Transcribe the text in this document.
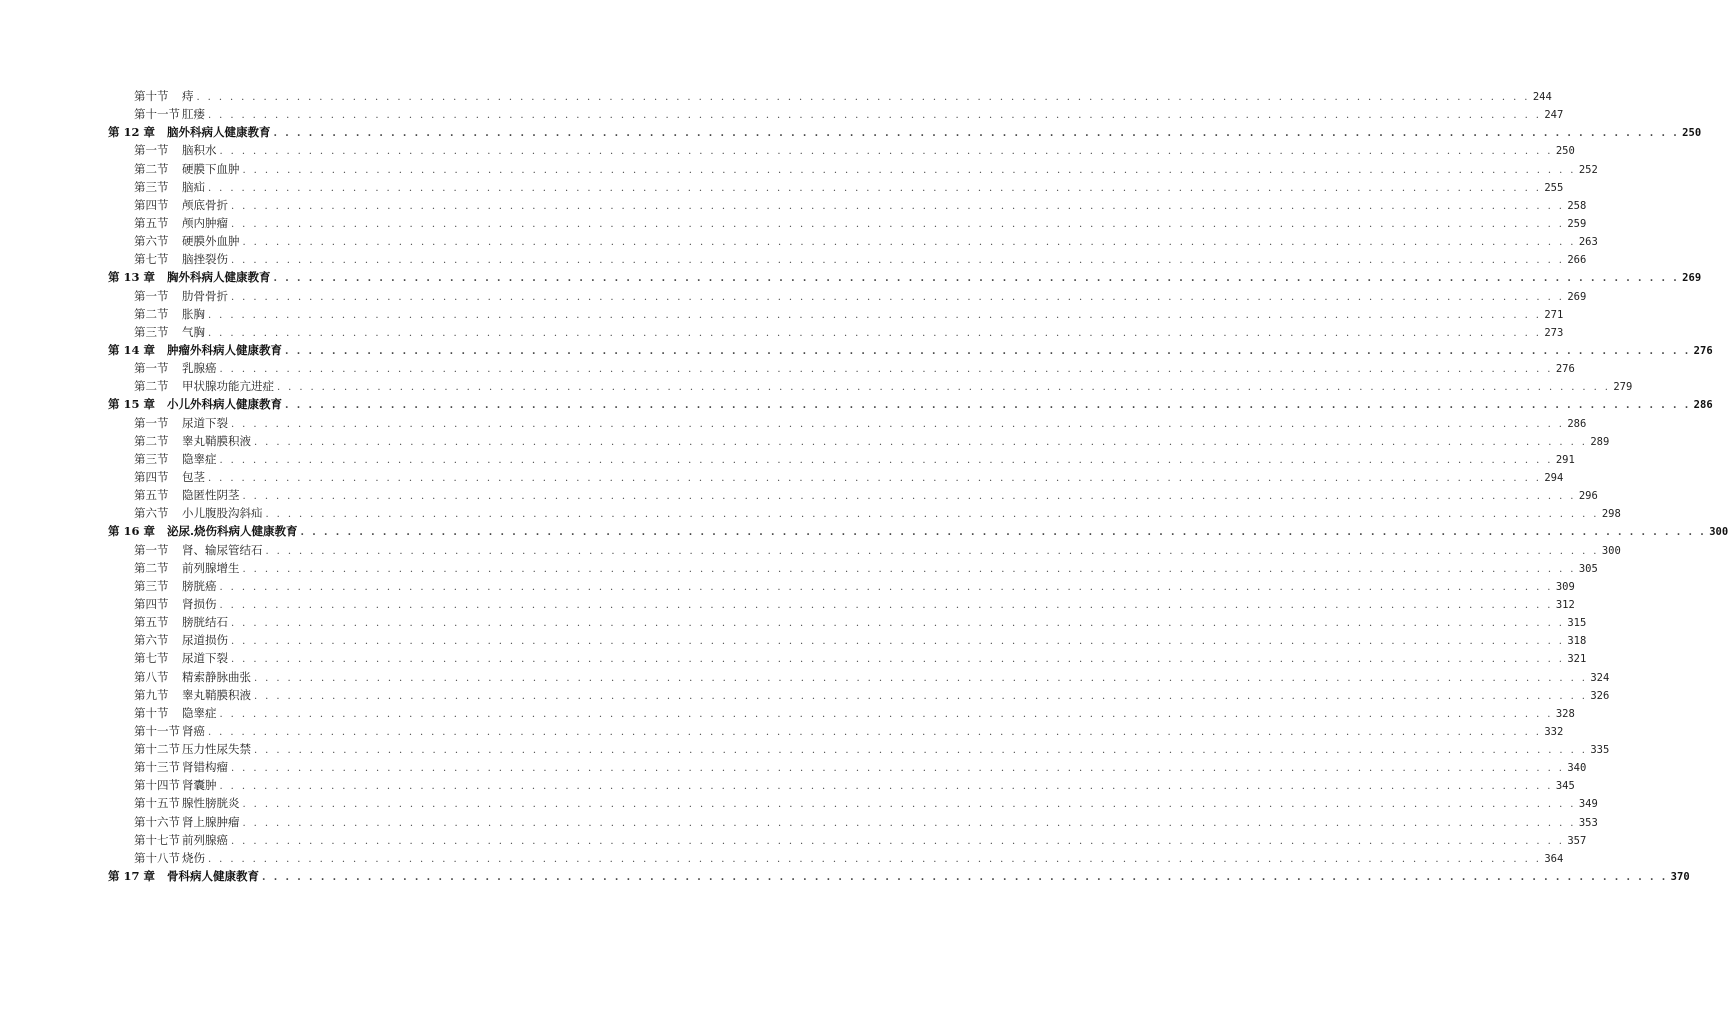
第十节	痔 . . . . . . . . . . . . . . . . . . . . . . . . . . . . . . . . . . . . . . . . . . . . . . . . . . . . . . . . . . . . . . . . . . . . . . . . . . . . . . . . . . . . . . . . . . . . . . . . . . . . . . . . . . . . . . . . . . . . . . . . 244
第十一节 肛瘘 . . . . . . . . . . . . . . . . . . . . . . . . . . . . . . . . . . . . . . . . . . . . . . . . . . . . . . . . . . . . . . . . . . . . . . . . . . . . . . . . . . . . . . . . . . . . . . . . . . . . . . . . . . . . . . . . . . . . . . . . 247
第 12 章	脑外科病人健康教育 . . . . . . . . . . . . . . . . . . . . . . . . . . . . . . . . . . . . . . . . . . . . . . . . . . . . . . . . . . . . . . . . . . . . . . . . . . . . . . . . . . . . . . . . . . . . . . . . . . . . . . . . . . . . . . . . . . . . . . . . 250
第一节	脑积水 . . . . . . . . . . . . . . . . . . . . . . . . . . . . . . . . . . . . . . . . . . . . . . . . . . . . . . . . . . . . . . . . . . . . . . . . . . . . . . . . . . . . . . . . . . . . . . . . . . . . . . . . . . . . . . . . . . . . . . . . 250
第二节	硬膜下血肿 . . . . . . . . . . . . . . . . . . . . . . . . . . . . . . . . . . . . . . . . . . . . . . . . . . . . . . . . . . . . . . . . . . . . . . . . . . . . . . . . . . . . . . . . . . . . . . . . . . . . . . . . . . . . . . . . . . . . . . . . 252
第三节	脑疝 . . . . . . . . . . . . . . . . . . . . . . . . . . . . . . . . . . . . . . . . . . . . . . . . . . . . . . . . . . . . . . . . . . . . . . . . . . . . . . . . . . . . . . . . . . . . . . . . . . . . . . . . . . . . . . . . . . . . . . . . 255
第四节	颅底骨折 . . . . . . . . . . . . . . . . . . . . . . . . . . . . . . . . . . . . . . . . . . . . . . . . . . . . . . . . . . . . . . . . . . . . . . . . . . . . . . . . . . . . . . . . . . . . . . . . . . . . . . . . . . . . . . . . . . . . . . . . 258
第五节	颅内肿瘤 . . . . . . . . . . . . . . . . . . . . . . . . . . . . . . . . . . . . . . . . . . . . . . . . . . . . . . . . . . . . . . . . . . . . . . . . . . . . . . . . . . . . . . . . . . . . . . . . . . . . . . . . . . . . . . . . . . . . . . . . 259
第六节	硬膜外血肿 . . . . . . . . . . . . . . . . . . . . . . . . . . . . . . . . . . . . . . . . . . . . . . . . . . . . . . . . . . . . . . . . . . . . . . . . . . . . . . . . . . . . . . . . . . . . . . . . . . . . . . . . . . . . . . . . . . . . . . . . 263
第七节	脑挫裂伤 . . . . . . . . . . . . . . . . . . . . . . . . . . . . . . . . . . . . . . . . . . . . . . . . . . . . . . . . . . . . . . . . . . . . . . . . . . . . . . . . . . . . . . . . . . . . . . . . . . . . . . . . . . . . . . . . . . . . . . . . 266
第 13 章	胸外科病人健康教育 . . . . . . . . . . . . . . . . . . . . . . . . . . . . . . . . . . . . . . . . . . . . . . . . . . . . . . . . . . . . . . . . . . . . . . . . . . . . . . . . . . . . . . . . . . . . . . . . . . . . . . . . . . . . . . . . . . . . . . . . 269
第一节	肋骨骨折 . . . . . . . . . . . . . . . . . . . . . . . . . . . . . . . . . . . . . . . . . . . . . . . . . . . . . . . . . . . . . . . . . . . . . . . . . . . . . . . . . . . . . . . . . . . . . . . . . . . . . . . . . . . . . . . . . . . . . . . . 269
第二节	胀胸 . . . . . . . . . . . . . . . . . . . . . . . . . . . . . . . . . . . . . . . . . . . . . . . . . . . . . . . . . . . . . . . . . . . . . . . . . . . . . . . . . . . . . . . . . . . . . . . . . . . . . . . . . . . . . . . . . . . . . . . . 271
第三节	气胸 . . . . . . . . . . . . . . . . . . . . . . . . . . . . . . . . . . . . . . . . . . . . . . . . . . . . . . . . . . . . . . . . . . . . . . . . . . . . . . . . . . . . . . . . . . . . . . . . . . . . . . . . . . . . . . . . . . . . . . . . 273
第 14 章	肿瘤外科病人健康教育 . . . . . . . . . . . . . . . . . . . . . . . . . . . . . . . . . . . . . . . . . . . . . . . . . . . . . . . . . . . . . . . . . . . . . . . . . . . . . . . . . . . . . . . . . . . . . . . . . . . . . . . . . . . . . . . . . . . . . . . . 276
第一节	乳腺癌 . . . . . . . . . . . . . . . . . . . . . . . . . . . . . . . . . . . . . . . . . . . . . . . . . . . . . . . . . . . . . . . . . . . . . . . . . . . . . . . . . . . . . . . . . . . . . . . . . . . . . . . . . . . . . . . . . . . . . . . . 276
第二节	甲状腺功能亢进症 . . . . . . . . . . . . . . . . . . . . . . . . . . . . . . . . . . . . . . . . . . . . . . . . . . . . . . . . . . . . . . . . . . . . . . . . . . . . . . . . . . . . . . . . . . . . . . . . . . . . . . . . . . . . . . . . . . . . . . . . 279
第 15 章	小儿外科病人健康教育 . . . . . . . . . . . . . . . . . . . . . . . . . . . . . . . . . . . . . . . . . . . . . . . . . . . . . . . . . . . . . . . . . . . . . . . . . . . . . . . . . . . . . . . . . . . . . . . . . . . . . . . . . . . . . . . . . . . . . . . . 286
第一节	尿道下裂 . . . . . . . . . . . . . . . . . . . . . . . . . . . . . . . . . . . . . . . . . . . . . . . . . . . . . . . . . . . . . . . . . . . . . . . . . . . . . . . . . . . . . . . . . . . . . . . . . . . . . . . . . . . . . . . . . . . . . . . . 286
第二节	睾丸鞘膜积液 . . . . . . . . . . . . . . . . . . . . . . . . . . . . . . . . . . . . . . . . . . . . . . . . . . . . . . . . . . . . . . . . . . . . . . . . . . . . . . . . . . . . . . . . . . . . . . . . . . . . . . . . . . . . . . . . . . . . . . . . 289
第三节	隐睾症 . . . . . . . . . . . . . . . . . . . . . . . . . . . . . . . . . . . . . . . . . . . . . . . . . . . . . . . . . . . . . . . . . . . . . . . . . . . . . . . . . . . . . . . . . . . . . . . . . . . . . . . . . . . . . . . . . . . . . . . . 291
第四节	包茎 . . . . . . . . . . . . . . . . . . . . . . . . . . . . . . . . . . . . . . . . . . . . . . . . . . . . . . . . . . . . . . . . . . . . . . . . . . . . . . . . . . . . . . . . . . . . . . . . . . . . . . . . . . . . . . . . . . . . . . . . 294
第五节	隐匿性阴茎 . . . . . . . . . . . . . . . . . . . . . . . . . . . . . . . . . . . . . . . . . . . . . . . . . . . . . . . . . . . . . . . . . . . . . . . . . . . . . . . . . . . . . . . . . . . . . . . . . . . . . . . . . . . . . . . . . . . . . . . . 296
第六节	小儿腹股沟斜疝 . . . . . . . . . . . . . . . . . . . . . . . . . . . . . . . . . . . . . . . . . . . . . . . . . . . . . . . . . . . . . . . . . . . . . . . . . . . . . . . . . . . . . . . . . . . . . . . . . . . . . . . . . . . . . . . . . . . . . . . . 298
第 16 章	泌尿.烧伤科病人健康教育 . . . . . . . . . . . . . . . . . . . . . . . . . . . . . . . . . . . . . . . . . . . . . . . . . . . . . . . . . . . . . . . . . . . . . . . . . . . . . . . . . . . . . . . . . . . . . . . . . . . . . . . . . . . . . . . . . . . . . . . . 300
第一节	肾、输尿管结石 . . . . . . . . . . . . . . . . . . . . . . . . . . . . . . . . . . . . . . . . . . . . . . . . . . . . . . . . . . . . . . . . . . . . . . . . . . . . . . . . . . . . . . . . . . . . . . . . . . . . . . . . . . . . . . . . . . . . . . . . 300
第二节	前列腺增生 . . . . . . . . . . . . . . . . . . . . . . . . . . . . . . . . . . . . . . . . . . . . . . . . . . . . . . . . . . . . . . . . . . . . . . . . . . . . . . . . . . . . . . . . . . . . . . . . . . . . . . . . . . . . . . . . . . . . . . . . 305
第三节	膀胱癌 . . . . . . . . . . . . . . . . . . . . . . . . . . . . . . . . . . . . . . . . . . . . . . . . . . . . . . . . . . . . . . . . . . . . . . . . . . . . . . . . . . . . . . . . . . . . . . . . . . . . . . . . . . . . . . . . . . . . . . . . 309
第四节	肾损伤 . . . . . . . . . . . . . . . . . . . . . . . . . . . . . . . . . . . . . . . . . . . . . . . . . . . . . . . . . . . . . . . . . . . . . . . . . . . . . . . . . . . . . . . . . . . . . . . . . . . . . . . . . . . . . . . . . . . . . . . . 312
第五节	膀胱结石 . . . . . . . . . . . . . . . . . . . . . . . . . . . . . . . . . . . . . . . . . . . . . . . . . . . . . . . . . . . . . . . . . . . . . . . . . . . . . . . . . . . . . . . . . . . . . . . . . . . . . . . . . . . . . . . . . . . . . . . . 315
第六节	尿道损伤 . . . . . . . . . . . . . . . . . . . . . . . . . . . . . . . . . . . . . . . . . . . . . . . . . . . . . . . . . . . . . . . . . . . . . . . . . . . . . . . . . . . . . . . . . . . . . . . . . . . . . . . . . . . . . . . . . . . . . . . . 318
第七节	尿道下裂 . . . . . . . . . . . . . . . . . . . . . . . . . . . . . . . . . . . . . . . . . . . . . . . . . . . . . . . . . . . . . . . . . . . . . . . . . . . . . . . . . . . . . . . . . . . . . . . . . . . . . . . . . . . . . . . . . . . . . . . . 321
第八节	精索静脉曲张 . . . . . . . . . . . . . . . . . . . . . . . . . . . . . . . . . . . . . . . . . . . . . . . . . . . . . . . . . . . . . . . . . . . . . . . . . . . . . . . . . . . . . . . . . . . . . . . . . . . . . . . . . . . . . . . . . . . . . . . . 324
第九节	睾丸鞘膜积液 . . . . . . . . . . . . . . . . . . . . . . . . . . . . . . . . . . . . . . . . . . . . . . . . . . . . . . . . . . . . . . . . . . . . . . . . . . . . . . . . . . . . . . . . . . . . . . . . . . . . . . . . . . . . . . . . . . . . . . . . 326
第十节	隐睾症 . . . . . . . . . . . . . . . . . . . . . . . . . . . . . . . . . . . . . . . . . . . . . . . . . . . . . . . . . . . . . . . . . . . . . . . . . . . . . . . . . . . . . . . . . . . . . . . . . . . . . . . . . . . . . . . . . . . . . . . . 328
第十一节 肾癌 . . . . . . . . . . . . . . . . . . . . . . . . . . . . . . . . . . . . . . . . . . . . . . . . . . . . . . . . . . . . . . . . . . . . . . . . . . . . . . . . . . . . . . . . . . . . . . . . . . . . . . . . . . . . . . . . . . . . . . . . 332
第十二节 压力性尿失禁 . . . . . . . . . . . . . . . . . . . . . . . . . . . . . . . . . . . . . . . . . . . . . . . . . . . . . . . . . . . . . . . . . . . . . . . . . . . . . . . . . . . . . . . . . . . . . . . . . . . . . . . . . . . . . . . . . . . . . . . . 335
第十三节 肾错构瘤 . . . . . . . . . . . . . . . . . . . . . . . . . . . . . . . . . . . . . . . . . . . . . . . . . . . . . . . . . . . . . . . . . . . . . . . . . . . . . . . . . . . . . . . . . . . . . . . . . . . . . . . . . . . . . . . . . . . . . . . . 340
第十四节 肾囊肿 . . . . . . . . . . . . . . . . . . . . . . . . . . . . . . . . . . . . . . . . . . . . . . . . . . . . . . . . . . . . . . . . . . . . . . . . . . . . . . . . . . . . . . . . . . . . . . . . . . . . . . . . . . . . . . . . . . . . . . . . 345
第十五节 腺性膀胱炎 . . . . . . . . . . . . . . . . . . . . . . . . . . . . . . . . . . . . . . . . . . . . . . . . . . . . . . . . . . . . . . . . . . . . . . . . . . . . . . . . . . . . . . . . . . . . . . . . . . . . . . . . . . . . . . . . . . . . . . . . 349
第十六节 肾上腺肿瘤 . . . . . . . . . . . . . . . . . . . . . . . . . . . . . . . . . . . . . . . . . . . . . . . . . . . . . . . . . . . . . . . . . . . . . . . . . . . . . . . . . . . . . . . . . . . . . . . . . . . . . . . . . . . . . . . . . . . . . . . . 353
第十七节 前列腺癌 . . . . . . . . . . . . . . . . . . . . . . . . . . . . . . . . . . . . . . . . . . . . . . . . . . . . . . . . . . . . . . . . . . . . . . . . . . . . . . . . . . . . . . . . . . . . . . . . . . . . . . . . . . . . . . . . . . . . . . . . 357
第十八节 烧伤 . . . . . . . . . . . . . . . . . . . . . . . . . . . . . . . . . . . . . . . . . . . . . . . . . . . . . . . . . . . . . . . . . . . . . . . . . . . . . . . . . . . . . . . . . . . . . . . . . . . . . . . . . . . . . . . . . . . . . . . . 364
第 17 章	骨科病人健康教育 . . . . . . . . . . . . . . . . . . . . . . . . . . . . . . . . . . . . . . . . . . . . . . . . . . . . . . . . . . . . . . . . . . . . . . . . . . . . . . . . . . . . . . . . . . . . . . . . . . . . . . . . . . . . . . . . . . . . . . . . 370
